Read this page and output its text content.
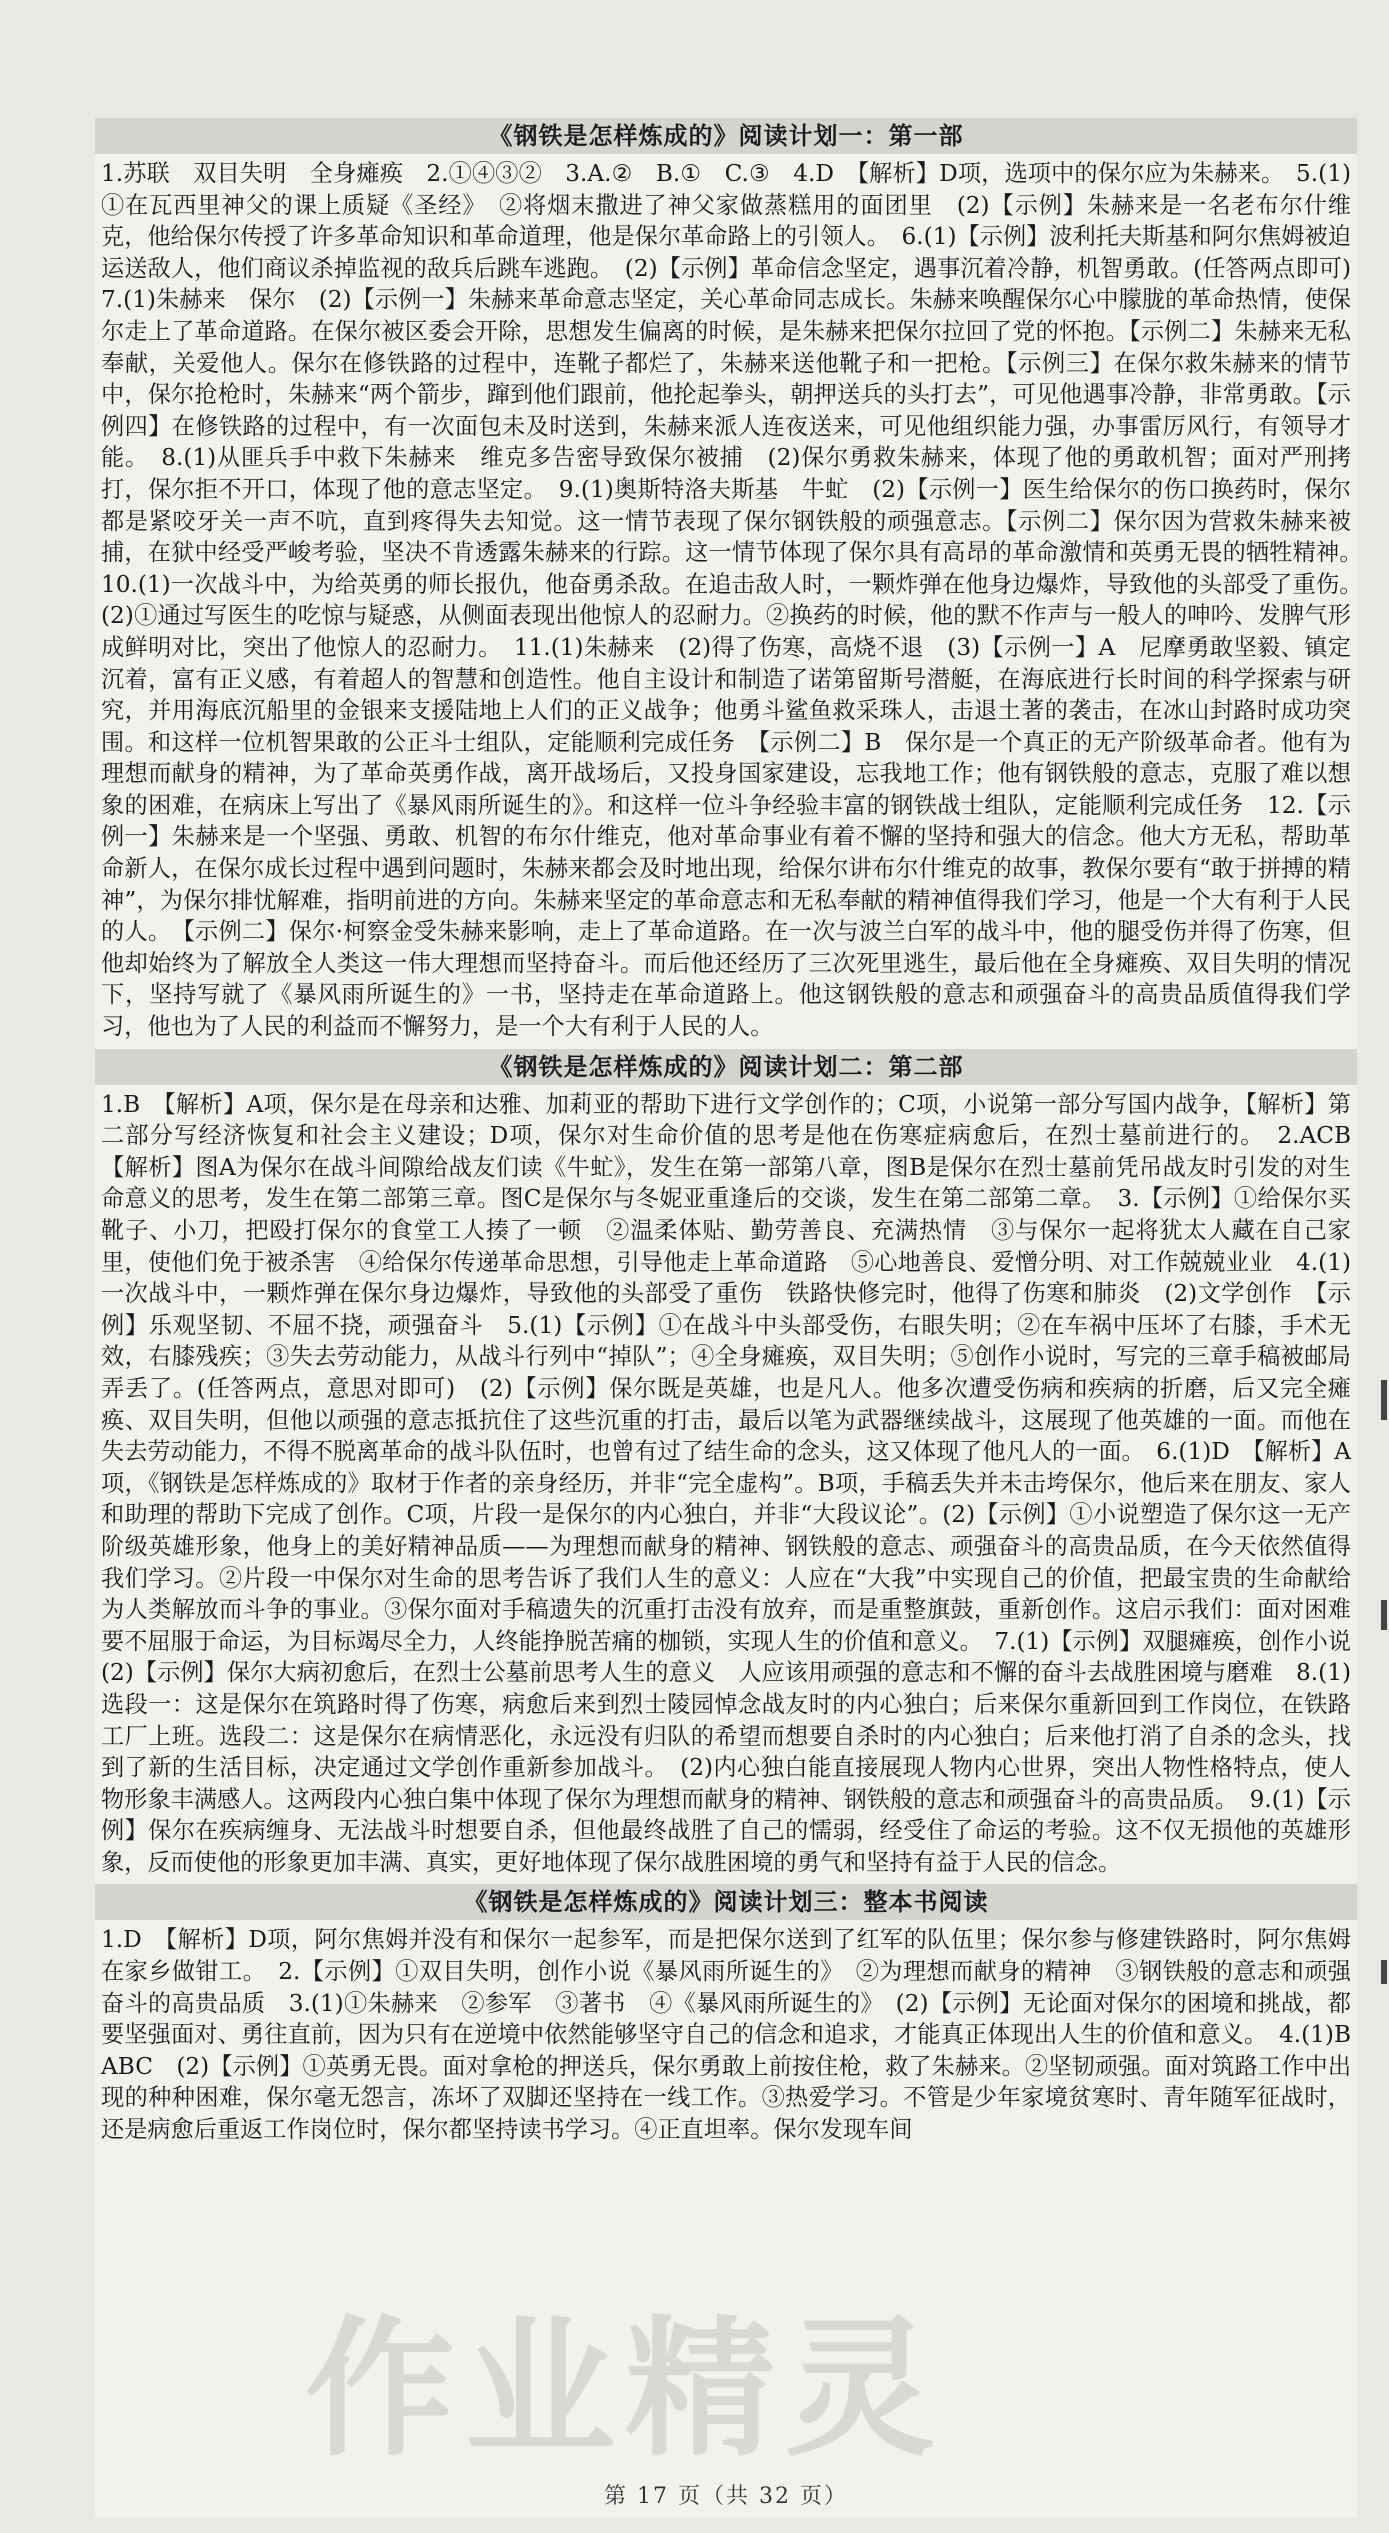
《钢铁是怎样炼成的》阅读计划一：第一部
1.苏联　双目失明　全身瘫痪　2.①④③②　3.A.②　B.①　C.③　4.D　【解析】D项，选项中的保尔应为朱赫来。　5.(1)①在瓦西里神父的课上质疑《圣经》　②将烟末撒进了神父家做蒸糕用的面团里　(2)【示例】朱赫来是一名老布尔什维克，他给保尔传授了许多革命知识和革命道理，他是保尔革命路上的引领人。　6.(1)【示例】波利托夫斯基和阿尔焦姆被迫运送敌人，他们商议杀掉监视的敌兵后跳车逃跑。　(2)【示例】革命信念坚定，遇事沉着冷静，机智勇敢。(任答两点即可)　7.(1)朱赫来　保尔　(2)【示例一】朱赫来革命意志坚定，关心革命同志成长。朱赫来唤醒保尔心中朦胧的革命热情，使保尔走上了革命道路。在保尔被区委会开除，思想发生偏离的时候，是朱赫来把保尔拉回了党的怀抱。【示例二】朱赫来无私奉献，关爱他人。保尔在修铁路的过程中，连靴子都烂了，朱赫来送他靴子和一把枪。【示例三】在保尔救朱赫来的情节中，保尔抢枪时，朱赫来“两个箭步，蹿到他们跟前，他抡起拳头，朝押送兵的头打去”，可见他遇事冷静，非常勇敢。【示例四】在修铁路的过程中，有一次面包未及时送到，朱赫来派人连夜送来，可见他组织能力强，办事雷厉风行，有领导才能。　8.(1)从匪兵手中救下朱赫来　维克多告密导致保尔被捕　(2)保尔勇救朱赫来，体现了他的勇敢机智；面对严刑拷打，保尔拒不开口，体现了他的意志坚定。　9.(1)奥斯特洛夫斯基　牛虻　(2)【示例一】医生给保尔的伤口换药时，保尔都是紧咬牙关一声不吭，直到疼得失去知觉。这一情节表现了保尔钢铁般的顽强意志。【示例二】保尔因为营救朱赫来被捕，在狱中经受严峻考验，坚决不肯透露朱赫来的行踪。这一情节体现了保尔具有高昂的革命激情和英勇无畏的牺牲精神。　10.(1)一次战斗中，为给英勇的师长报仇，他奋勇杀敌。在追击敌人时，一颗炸弹在他身边爆炸，导致他的头部受了重伤。　(2)①通过写医生的吃惊与疑惑，从侧面表现出他惊人的忍耐力。②换药的时候，他的默不作声与一般人的呻吟、发脾气形成鲜明对比，突出了他惊人的忍耐力。　11.(1)朱赫来　(2)得了伤寒，高烧不退　(3)【示例一】A　尼摩勇敢坚毅、镇定沉着，富有正义感，有着超人的智慧和创造性。他自主设计和制造了诺第留斯号潜艇，在海底进行长时间的科学探索与研究，并用海底沉船里的金银来支援陆地上人们的正义战争；他勇斗鲨鱼救采珠人，击退土著的袭击，在冰山封路时成功突围。和这样一位机智果敢的公正斗士组队，定能顺利完成任务　【示例二】B　保尔是一个真正的无产阶级革命者。他有为理想而献身的精神，为了革命英勇作战，离开战场后，又投身国家建设，忘我地工作；他有钢铁般的意志，克服了难以想象的困难，在病床上写出了《暴风雨所诞生的》。和这样一位斗争经验丰富的钢铁战士组队，定能顺利完成任务　12.【示例一】朱赫来是一个坚强、勇敢、机智的布尔什维克，他对革命事业有着不懈的坚持和强大的信念。他大方无私，帮助革命新人，在保尔成长过程中遇到问题时，朱赫来都会及时地出现，给保尔讲布尔什维克的故事，教保尔要有“敢于拼搏的精神”，为保尔排忧解难，指明前进的方向。朱赫来坚定的革命意志和无私奉献的精神值得我们学习，他是一个大有利于人民的人。　【示例二】保尔·柯察金受朱赫来影响，走上了革命道路。在一次与波兰白军的战斗中，他的腿受伤并得了伤寒，但他却始终为了解放全人类这一伟大理想而坚持奋斗。而后他还经历了三次死里逃生，最后他在全身瘫痪、双目失明的情况下，坚持写就了《暴风雨所诞生的》一书，坚持走在革命道路上。他这钢铁般的意志和顽强奋斗的高贵品质值得我们学习，他也为了人民的利益而不懈努力，是一个大有利于人民的人。
《钢铁是怎样炼成的》阅读计划二：第二部
1.B　【解析】A项，保尔是在母亲和达雅、加莉亚的帮助下进行文学创作的；C项，小说第一部分写国内战争，【解析】第二部分写经济恢复和社会主义建设；D项，保尔对生命价值的思考是他在伤寒症病愈后，在烈士墓前进行的。　2.ACB　【解析】图A为保尔在战斗间隙给战友们读《牛虻》，发生在第一部第八章，图B是保尔在烈士墓前凭吊战友时引发的对生命意义的思考，发生在第二部第三章。图C是保尔与冬妮亚重逢后的交谈，发生在第二部第二章。　3.【示例】①给保尔买靴子、小刀，把殴打保尔的食堂工人揍了一顿　②温柔体贴、勤劳善良、充满热情　③与保尔一起将犹太人藏在自己家里，使他们免于被杀害　④给保尔传递革命思想，引导他走上革命道路　⑤心地善良、爱憎分明、对工作兢兢业业　4.(1)一次战斗中，一颗炸弹在保尔身边爆炸，导致他的头部受了重伤　铁路快修完时，他得了伤寒和肺炎　(2)文学创作　【示例】乐观坚韧、不屈不挠，顽强奋斗　5.(1)【示例】①在战斗中头部受伤，右眼失明；②在车祸中压坏了右膝，手术无效，右膝残疾；③失去劳动能力，从战斗行列中“掉队”；④全身瘫痪，双目失明；⑤创作小说时，写完的三章手稿被邮局弄丢了。(任答两点，意思对即可)　(2)【示例】保尔既是英雄，也是凡人。他多次遭受伤病和疾病的折磨，后又完全瘫痪、双目失明，但他以顽强的意志抵抗住了这些沉重的打击，最后以笔为武器继续战斗，这展现了他英雄的一面。而他在失去劳动能力，不得不脱离革命的战斗队伍时，也曾有过了结生命的念头，这又体现了他凡人的一面。　6.(1)D　【解析】A项，《钢铁是怎样炼成的》取材于作者的亲身经历，并非“完全虚构”。B项，手稿丢失并未击垮保尔，他后来在朋友、家人和助理的帮助下完成了创作。C项，片段一是保尔的内心独白，并非“大段议论”。(2)【示例】①小说塑造了保尔这一无产阶级英雄形象，他身上的美好精神品质——为理想而献身的精神、钢铁般的意志、顽强奋斗的高贵品质，在今天依然值得我们学习。②片段一中保尔对生命的思考告诉了我们人生的意义：人应在“大我”中实现自己的价值，把最宝贵的生命献给为人类解放而斗争的事业。③保尔面对手稿遗失的沉重打击没有放弃，而是重整旗鼓，重新创作。这启示我们：面对困难要不屈服于命运，为目标竭尽全力，人终能挣脱苦痛的枷锁，实现人生的价值和意义。　7.(1)【示例】双腿瘫痪，创作小说　(2)【示例】保尔大病初愈后，在烈士公墓前思考人生的意义　人应该用顽强的意志和不懈的奋斗去战胜困境与磨难　8.(1)选段一：这是保尔在筑路时得了伤寒，病愈后来到烈士陵园悼念战友时的内心独白；后来保尔重新回到工作岗位，在铁路工厂上班。选段二：这是保尔在病情恶化，永远没有归队的希望而想要自杀时的内心独白；后来他打消了自杀的念头，找到了新的生活目标，决定通过文学创作重新参加战斗。　(2)内心独白能直接展现人物内心世界，突出人物性格特点，使人物形象丰满感人。这两段内心独白集中体现了保尔为理想而献身的精神、钢铁般的意志和顽强奋斗的高贵品质。　9.(1)【示例】保尔在疾病缠身、无法战斗时想要自杀，但他最终战胜了自己的懦弱，经受住了命运的考验。这不仅无损他的英雄形象，反而使他的形象更加丰满、真实，更好地体现了保尔战胜困境的勇气和坚持有益于人民的信念。
《钢铁是怎样炼成的》阅读计划三：整本书阅读
1.D　【解析】D项，阿尔焦姆并没有和保尔一起参军，而是把保尔送到了红军的队伍里；保尔参与修建铁路时，阿尔焦姆在家乡做钳工。　2.【示例】①双目失明，创作小说《暴风雨所诞生的》　②为理想而献身的精神　③钢铁般的意志和顽强奋斗的高贵品质　3.(1)①朱赫来　②参军　③著书　④《暴风雨所诞生的》　(2)【示例】无论面对保尔的困境和挑战，都要坚强面对、勇往直前，因为只有在逆境中依然能够坚守自己的信念和追求，才能真正体现出人生的价值和意义。　4.(1)B　ABC　(2)【示例】①英勇无畏。面对拿枪的押送兵，保尔勇敢上前按住枪，救了朱赫来。②坚韧顽强。面对筑路工作中出现的种种困难，保尔毫无怨言，冻坏了双脚还坚持在一线工作。③热爱学习。不管是少年家境贫寒时、青年随军征战时，还是病愈后重返工作岗位时，保尔都坚持读书学习。④正直坦率。保尔发现车间
第 17 页（共 32 页）
作业精灵
